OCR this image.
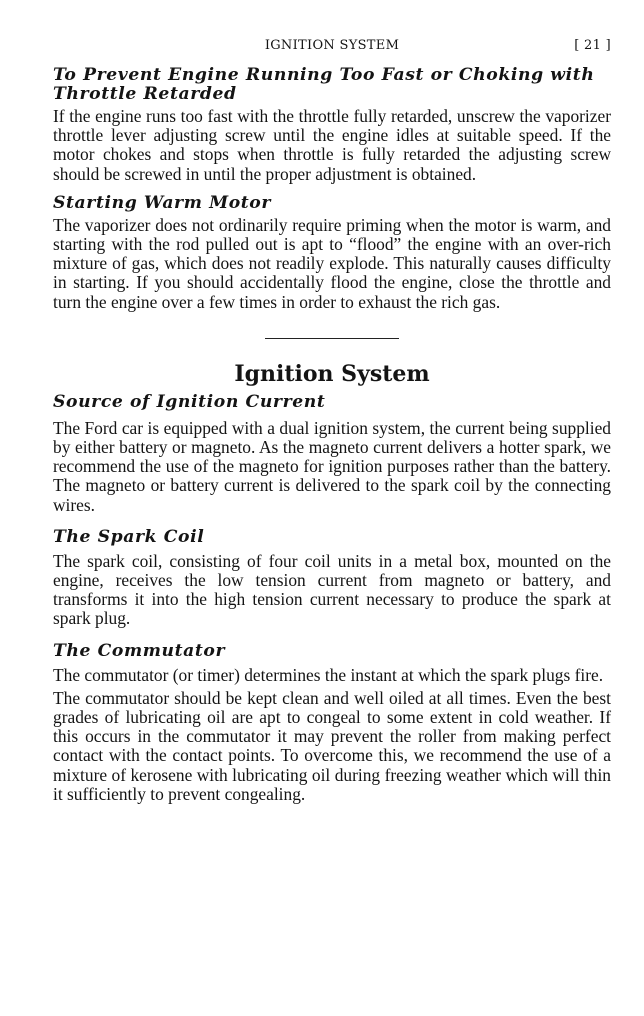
IGNITION SYSTEM	[ 21 ]
To Prevent Engine Running Too Fast or Choking with Throttle Retarded

If the engine runs too fast with the throttle fully retarded, unscrew the vaporizer throttle lever adjusting screw until the engine idles at suitable speed. If the motor chokes and stops when throttle is fully retarded the adjusting screw should be screwed in until the proper adjustment is obtained.

Starting Warm Motor

The vaporizer does not ordinarily require priming when the motor is warm, and starting with the rod pulled out is apt to “flood” the engine with an over-rich mixture of gas, which does not readily explode. This naturally causes difficulty in starting. If you should accidentally flood the engine, close the throttle and turn the engine over a few times in order to exhaust the rich gas.

Ignition System
Source of Ignition Current

The Ford car is equipped with a dual ignition system, the current being supplied by either battery or magneto. As the magneto current delivers a hotter spark, we recommend the use of the magneto for ignition purposes rather than the battery. The magneto or battery current is delivered to the spark coil by the connecting wires.

The Spark Coil

The spark coil, consisting of four coil units in a metal box, mounted on the engine, receives the low tension current from magneto or battery, and transforms it into the high tension current necessary to produce the spark at spark plug.

The Commutator

The commutator (or timer) determines the instant at which the spark plugs fire.

The commutator should be kept clean and well oiled at all times. Even the best grades of lubricating oil are apt to congeal to some extent in cold weather. If this occurs in the commutator it may prevent the roller from making perfect contact with the contact points. To overcome this, we recommend the use of a mixture of kerosene with lubricating oil during freezing weather which will thin it sufficiently to prevent congealing.
